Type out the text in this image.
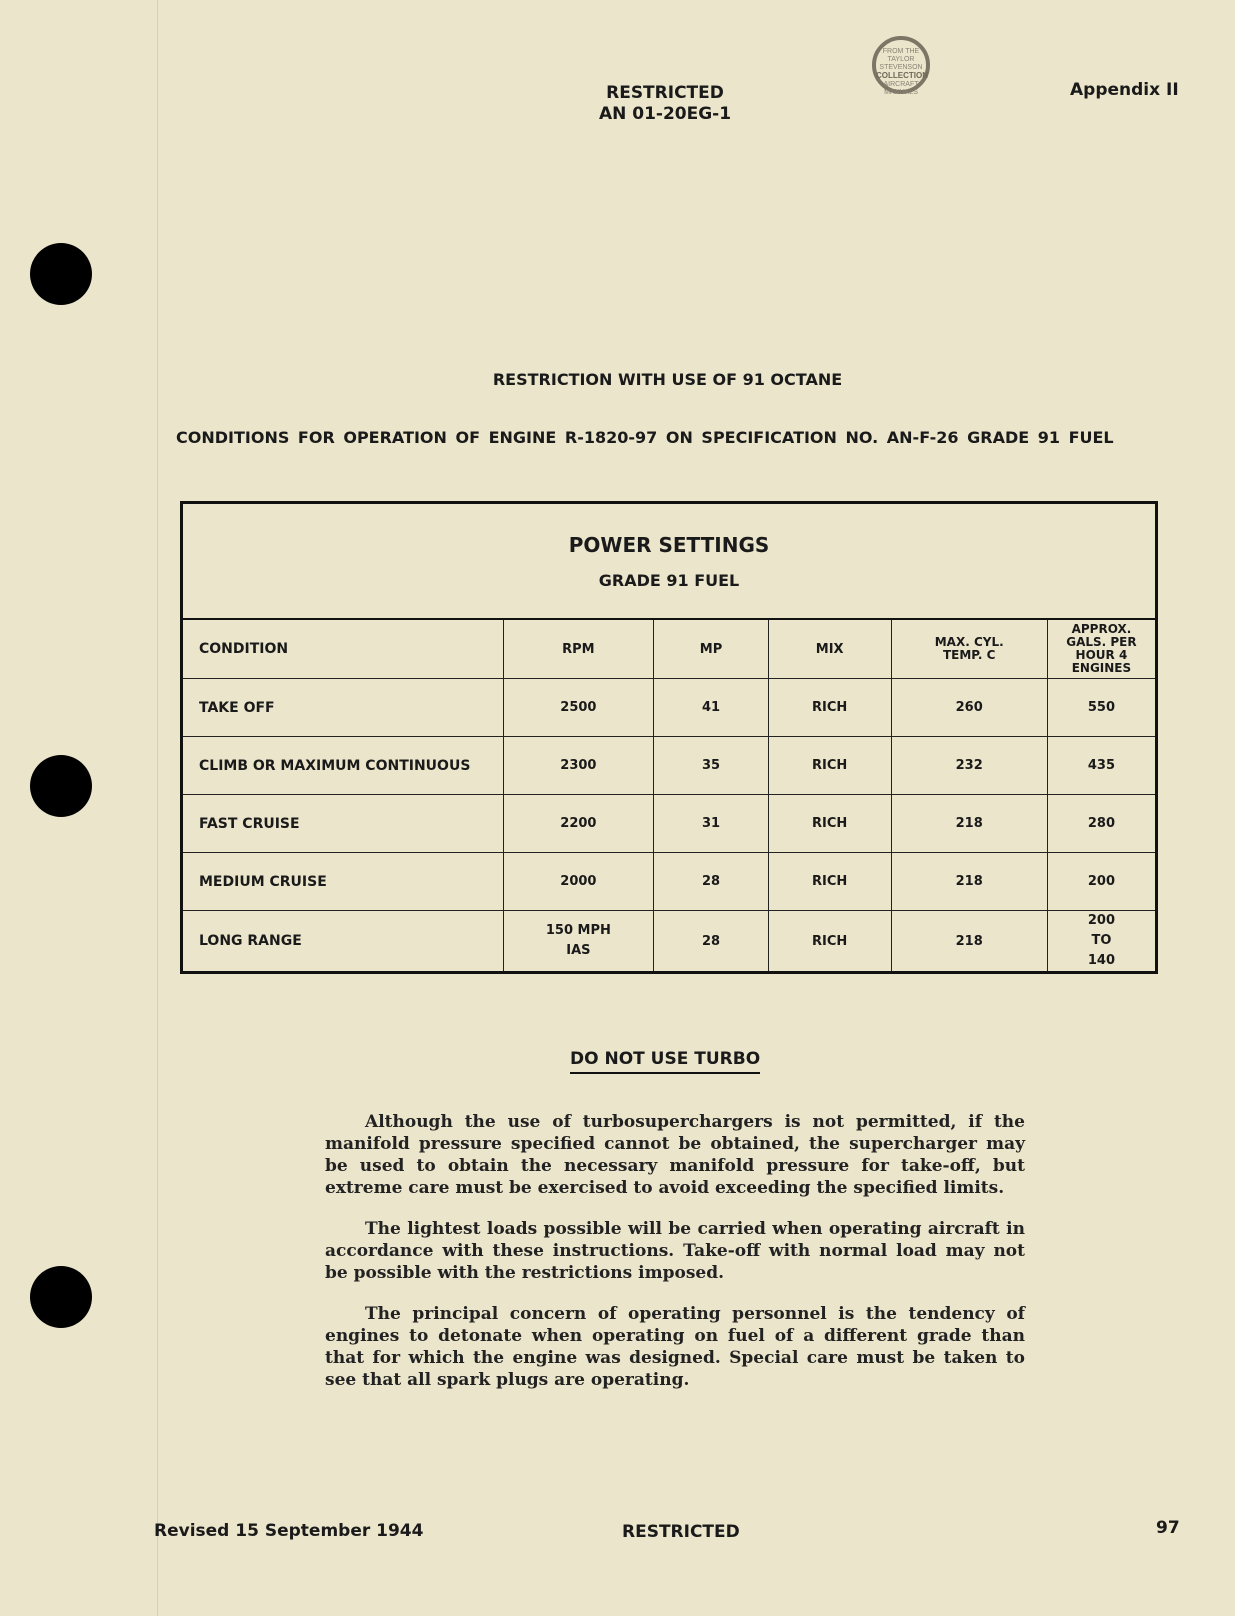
RESTRICTED
AN 01-20EG-1
FROM THE
TAYLOR
STEVENSON
COLLECTION
AIRCRAFT
MANUALS	Appendix II
RESTRICTION WITH USE OF 91 OCTANE
CONDITIONS FOR OPERATION OF ENGINE R-1820-97 ON SPECIFICATION NO. AN-F-26 GRADE 91 FUEL
POWER SETTINGS
GRADE 91 FUEL					

CONDITION	RPM	MP	MIX	MAX. CYL. TEMP. C	APPROX. GALS. PER HOUR 4 ENGINES
TAKE OFF	2500	41	RICH	260	550
CLIMB OR MAXIMUM CONTINUOUS	2300	35	RICH	232	435
FAST CRUISE	2200	31	RICH	218	280
MEDIUM CRUISE	2000	28	RICH	218	200
LONG RANGE	150 MPH IAS	28	RICH	218	200 TO 140
DO NOT USE TURBO
Although the use of turbosuperchargers is not permitted, if the manifold pressure specified cannot be obtained, the supercharger may be used to obtain the necessary manifold pressure for take-off, but extreme care must be exercised to avoid exceeding the specified limits.
The lightest loads possible will be carried when operating aircraft in accordance with these instructions. Take-off with normal load may not be possible with the restrictions imposed.
The principal concern of operating personnel is the tendency of engines to detonate when operating on fuel of a different grade than that for which the engine was designed. Special care must be taken to see that all spark plugs are operating.
Revised 15 September 1944	RESTRICTED	97
